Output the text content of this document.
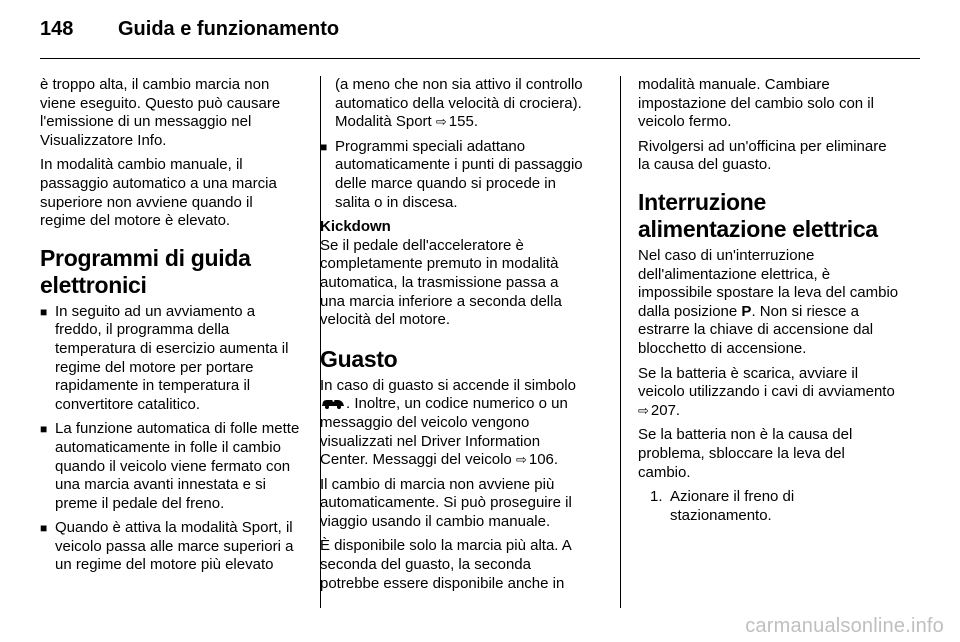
148 Guida e funzionamento

è troppo alta, il cambio marcia non viene eseguito. Questo può causare l'emissione di un messaggio nel Visualizzatore Info.

In modalità cambio manuale, il passaggio automatico a una marcia superiore non avviene quando il regime del motore è elevato.

Programmi di guida elettronici
■ In seguito ad un avviamento a freddo, il programma della temperatura di esercizio aumenta il regime del motore per portare rapidamente in temperatura il convertitore catalitico.
■ La funzione automatica di folle mette automaticamente in folle il cambio quando il veicolo viene fermato con una marcia avanti innestata e si preme il pedale del freno.
■ Quando è attiva la modalità Sport, il veicolo passa alle marce superiori a un regime del motore più elevato
(a meno che non sia attivo il controllo automatico della velocità di crociera). Modalità Sport ⇨ 155.
■ Programmi speciali adattano automaticamente i punti di passaggio delle marce quando si procede in salita o in discesa.
Kickdown

Se il pedale dell'acceleratore è completamente premuto in modalità automatica, la trasmissione passa a una marcia inferiore a seconda della velocità del motore.

Guasto

In caso di guasto si accende il simbolo . Inoltre, un codice numerico o un messaggio del veicolo vengono visualizzati nel Driver Information Center. Messaggi del veicolo ⇨ 106.

Il cambio di marcia non avviene più automaticamente. Si può proseguire il viaggio usando il cambio manuale.

È disponibile solo la marcia più alta. A seconda del guasto, la seconda potrebbe essere disponibile anche in

modalità manuale. Cambiare impostazione del cambio solo con il veicolo fermo.

Rivolgersi ad un'officina per eliminare la causa del guasto.

Interruzione alimentazione elettrica

Nel caso di un'interruzione dell'alimentazione elettrica, è impossibile spostare la leva del cambio dalla posizione P. Non si riesce a estrarre la chiave di accensione dal blocchetto di accensione.

Se la batteria è scarica, avviare il veicolo utilizzando i cavi di avviamento ⇨ 207.

Se la batteria non è la causa del problema, sbloccare la leva del cambio.

1. Azionare il freno di stazionamento.
carmanualsonline.info
